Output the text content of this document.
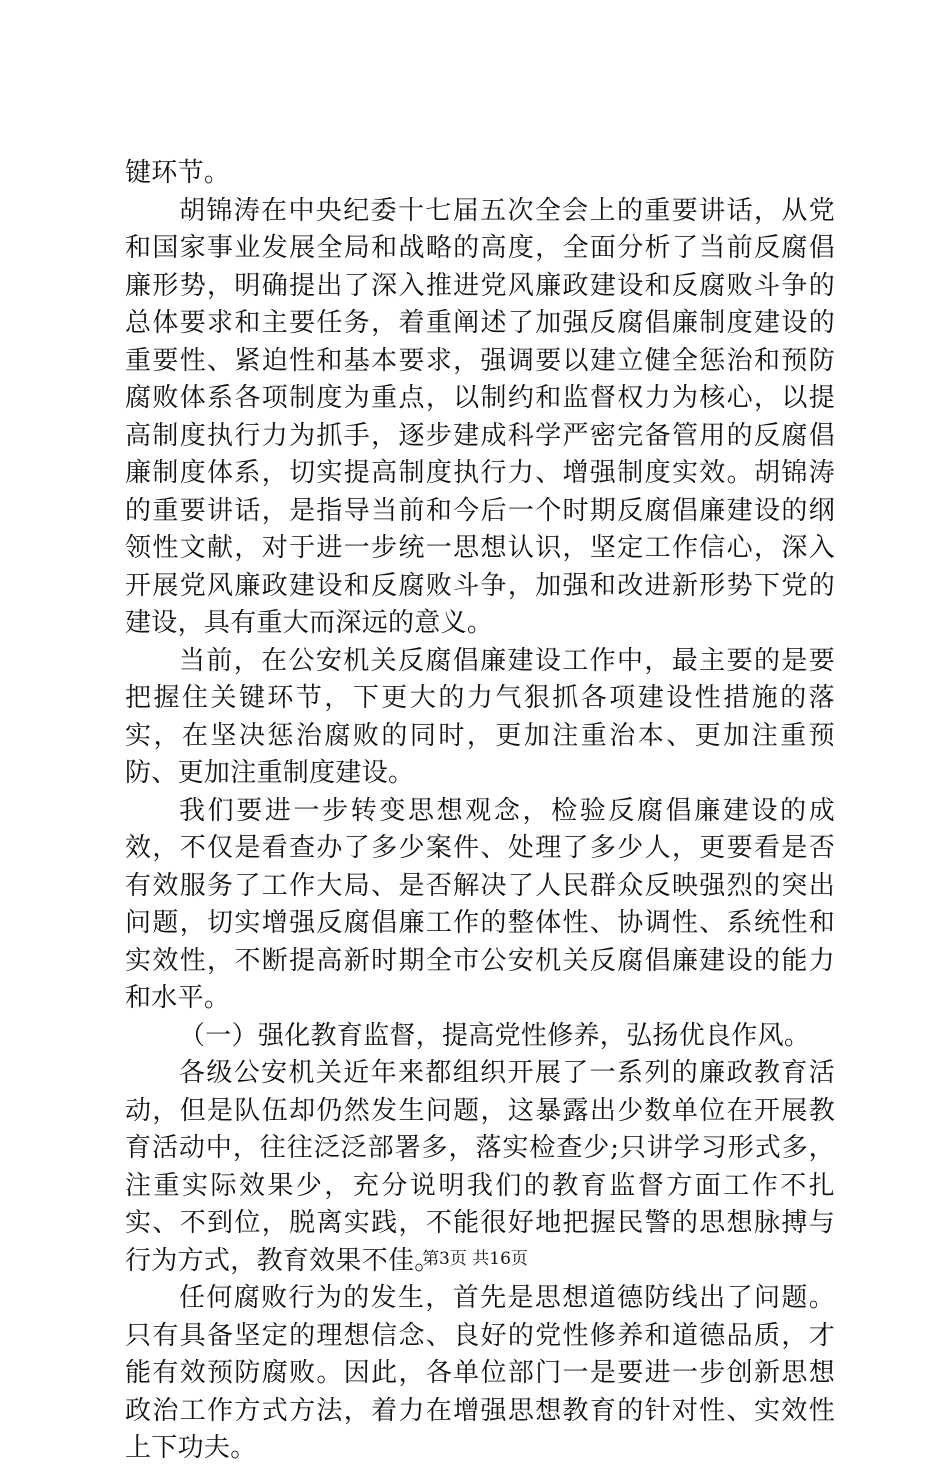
键环节。

胡锦涛在中央纪委十七届五次全会上的重要讲话，从党和国家事业发展全局和战略的高度，全面分析了当前反腐倡廉形势，明确提出了深入推进党风廉政建设和反腐败斗争的总体要求和主要任务，着重阐述了加强反腐倡廉制度建设的重要性、紧迫性和基本要求，强调要以建立健全惩治和预防腐败体系各项制度为重点，以制约和监督权力为核心，以提高制度执行力为抓手，逐步建成科学严密完备管用的反腐倡廉制度体系，切实提高制度执行力、增强制度实效。胡锦涛的重要讲话，是指导当前和今后一个时期反腐倡廉建设的纲领性文献，对于进一步统一思想认识，坚定工作信心，深入开展党风廉政建设和反腐败斗争，加强和改进新形势下党的建设，具有重大而深远的意义。

当前，在公安机关反腐倡廉建设工作中，最主要的是要把握住关键环节，下更大的力气狠抓各项建设性措施的落实，在坚决惩治腐败的同时，更加注重治本、更加注重预防、更加注重制度建设。

我们要进一步转变思想观念，检验反腐倡廉建设的成效，不仅是看查办了多少案件、处理了多少人，更要看是否有效服务了工作大局、是否解决了人民群众反映强烈的突出问题，切实增强反腐倡廉工作的整体性、协调性、系统性和实效性，不断提高新时期全市公安机关反腐倡廉建设的能力和水平。

（一）强化教育监督，提高党性修养，弘扬优良作风。

各级公安机关近年来都组织开展了一系列的廉政教育活动，但是队伍却仍然发生问题，这暴露出少数单位在开展教育活动中，往往泛泛部署多，落实检查少;只讲学习形式多，注重实际效果少，充分说明我们的教育监督方面工作不扎实、不到位，脱离实践，不能很好地把握民警的思想脉搏与行为方式，教育效果不佳。

任何腐败行为的发生，首先是思想道德防线出了问题。只有具备坚定的理想信念、良好的党性修养和道德品质，才能有效预防腐败。因此，各单位部门一是要进一步创新思想政治工作方式方法，着力在增强思想教育的针对性、实效性上下功夫。

第3页 共16页
